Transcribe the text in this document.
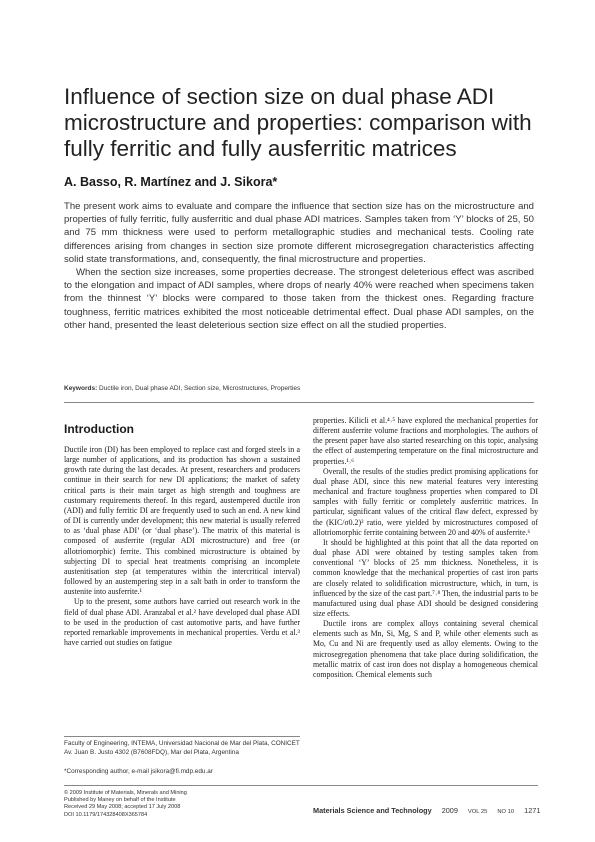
Influence of section size on dual phase ADI microstructure and properties: comparison with fully ferritic and fully ausferritic matrices
A. Basso, R. Martínez and J. Sikora*

The present work aims to evaluate and compare the influence that section size has on the microstructure and properties of fully ferritic, fully ausferritic and dual phase ADI matrices. Samples taken from ‘Y’ blocks of 25, 50 and 75 mm thickness were used to perform metallographic studies and mechanical tests. Cooling rate differences arising from changes in section size promote different microsegregation characteristics affecting solid state transformations, and, consequently, the final microstructure and properties.

When the section size increases, some properties decrease. The strongest deleterious effect was ascribed to the elongation and impact of ADI samples, where drops of nearly 40% were reached when specimens taken from the thinnest ‘Y’ blocks were compared to those taken from the thickest ones. Regarding fracture toughness, ferritic matrices exhibited the most noticeable detrimental effect. Dual phase ADI samples, on the other hand, presented the least deleterious section size effect on all the studied properties.

Keywords: Ductile iron, Dual phase ADI, Section size, Microstructures, Properties
Introduction

Ductile iron (DI) has been employed to replace cast and forged steels in a large number of applications, and its production has shown a sustained growth rate during the last decades. At present, researchers and producers continue in their search for new DI applications; the market of safety critical parts is their main target as high strength and toughness are customary requirements thereof. In this regard, austempered ductile iron (ADI) and fully ferritic DI are frequently used to such an end. A new kind of DI is currently under development; this new material is usually referred to as ‘dual phase ADI’ (or ‘dual phase’). The matrix of this material is composed of ausferrite (regular ADI microstructure) and free (or allotriomorphic) ferrite. This combined microstructure is obtained by subjecting DI to special heat treatments comprising an incomplete austenitisation step (at temperatures within the intercritical interval) followed by an austempering step in a salt bath in order to transform the austenite into ausferrite.¹

Up to the present, some authors have carried out research work in the field of dual phase ADI. Aranzabal et al.² have developed dual phase ADI to be used in the production of cast automotive parts, and have further reported remarkable improvements in mechanical properties. Verdu et al.³ have carried out studies on fatigue

properties. Kilicli et al.⁴˒⁵ have explored the mechanical properties for different ausferrite volume fractions and morphologies. The authors of the present paper have also started researching on this topic, analysing the effect of austempering temperature on the final microstructure and properties.¹˒⁶

Overall, the results of the studies predict promising applications for dual phase ADI, since this new material features very interesting mechanical and fracture toughness properties when compared to DI samples with fully ferritic or completely ausferritic matrices. In particular, significant values of the critical flaw defect, expressed by the (KIC/σ0.2)² ratio, were yielded by microstructures composed of allotriomorphic ferrite containing between 20 and 40% of ausferrite.⁶

It should be highlighted at this point that all the data reported on dual phase ADI were obtained by testing samples taken from conventional ‘Y’ blocks of 25 mm thickness. Nonetheless, it is common knowledge that the mechanical properties of cast iron parts are closely related to solidification microstructure, which, in turn, is influenced by the size of the cast part.⁷˒⁸ Then, the industrial parts to be manufactured using dual phase ADI should be designed considering size effects.

Ductile irons are complex alloys containing several chemical elements such as Mn, Si, Mg, S and P, while other elements such as Mo, Cu and Ni are frequently used as alloy elements. Owing to the microsegregation phenomena that take place during solidification, the metallic matrix of cast iron does not display a homogeneous chemical composition. Chemical elements such

Faculty of Engineering, INTEMA, Universidad Nacional de Mar del Plata, CONICET Av. Juan B. Justo 4302 (B7608FDQ), Mar del Plata, Argentina
*Corresponding author, e-mail jsikora@fi.mdp.edu.ar
© 2009 Institute of Materials, Minerals and Mining
Published by Maney on behalf of the Institute
Received 29 May 2008; accepted 17 July 2008
DOI 10.1179/174328408X365784	Materials Science and Technology 2009 VOL 25 NO 10 1271
